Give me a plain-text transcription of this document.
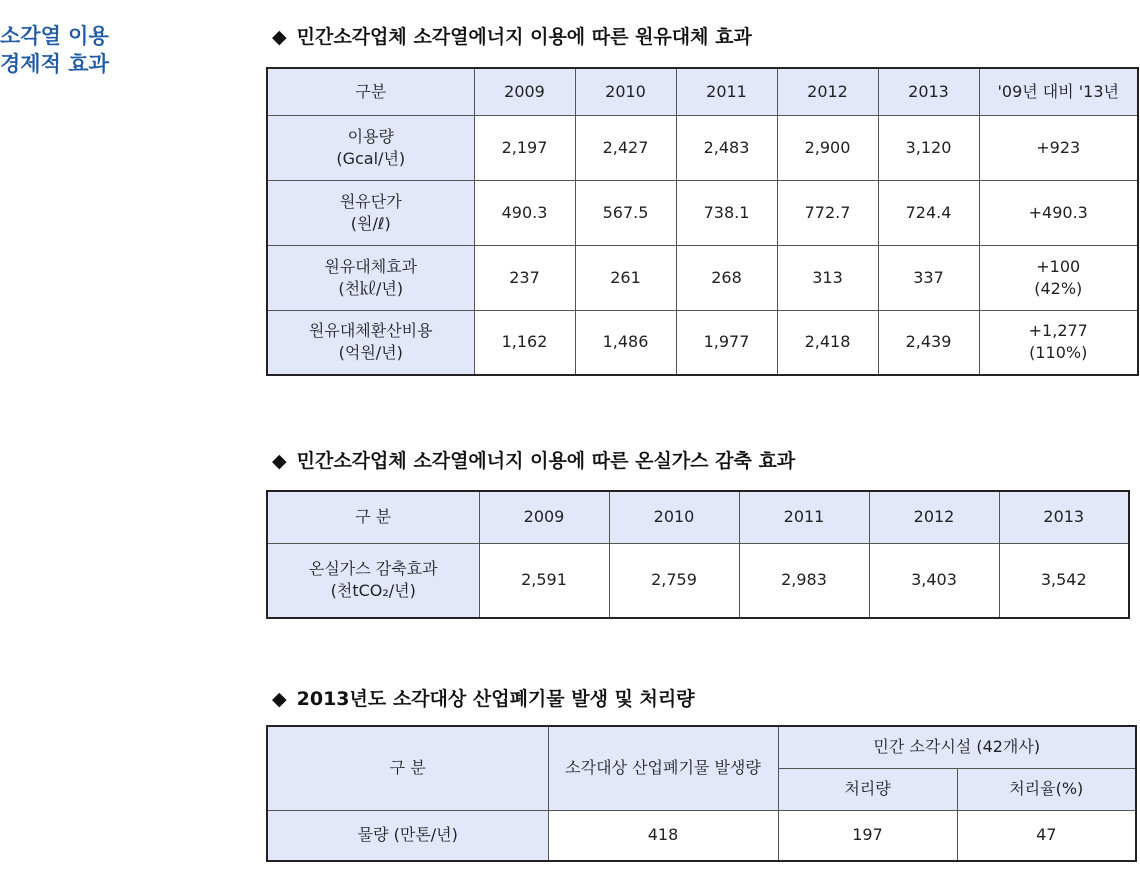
소각열 이용
경제적 효과
◆ 민간소각업체 소각열에너지 이용에 따른 원유대체 효과
구분	2009	2010	2011	2012	2013	'09년 대비 '13년

이용량
(Gcal/년)	2,197	2,427	2,483	2,900	3,120	+923

원유단가
(원/ℓ)	490.3	567.5	738.1	772.7	724.4	+490.3

원유대체효과
(천㎘/년)	237	261	268	313	337	+100
(42%)

원유대체환산비용
(억원/년)	1,162	1,486	1,977	2,418	2,439	+1,277
(110%)
◆ 민간소각업체 소각열에너지 이용에 따른 온실가스 감축 효과
구 분	2009	2010	2011	2012	2013

온실가스 감축효과
(천tCO₂/년)	2,591	2,759	2,983	3,403	3,542
◆ 2013년도 소각대상 산업폐기물 발생 및 처리량
구 분	소각대상 산업폐기물 발생량	민간 소각시설 (42개사)	
		처리량	처리율(%)
물량 (만톤/년)	418	197	47
